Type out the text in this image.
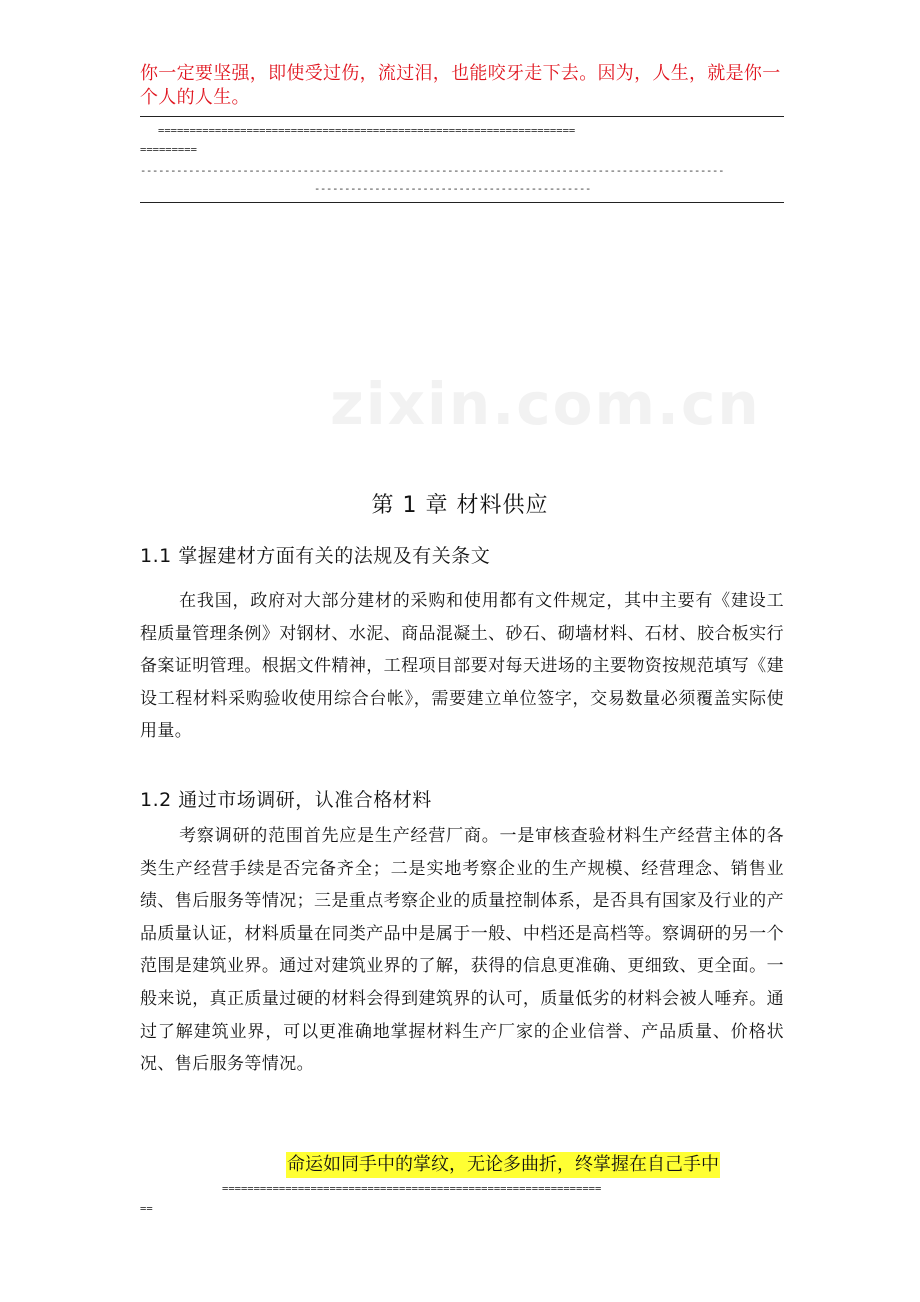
你一定要坚强，即使受过伤，流过泪，也能咬牙走下去。因为，人生，就是你一个人的人生。
==================================================================
=========
-------------------------------------------------------------------------------------------------
----------------------------------------------
zixin.com.cn
第 1 章 材料供应
1.1 掌握建材方面有关的法规及有关条文
在我国，政府对大部分建材的采购和使用都有文件规定，其中主要有《建设工程质量管理条例》对钢材、水泥、商品混凝土、砂石、砌墙材料、石材、胶合板实行备案证明管理。根据文件精神，工程项目部要对每天进场的主要物资按规范填写《建设工程材料采购验收使用综合台帐》，需要建立单位签字，交易数量必须覆盖实际使用量。
1.2 通过市场调研，认准合格材料
考察调研的范围首先应是生产经营厂商。一是审核查验材料生产经营主体的各类生产经营手续是否完备齐全；二是实地考察企业的生产规模、经营理念、销售业绩、售后服务等情况；三是重点考察企业的质量控制体系，是否具有国家及行业的产品质量认证，材料质量在同类产品中是属于一般、中档还是高档等。察调研的另一个范围是建筑业界。通过对建筑业界的了解，获得的信息更准确、更细致、更全面。一般来说，真正质量过硬的材料会得到建筑界的认可，质量低劣的材料会被人唾弃。通过了解建筑业界，可以更准确地掌握材料生产厂家的企业信誉、产品质量、价格状况、售后服务等情况。
命运如同手中的掌纹，无论多曲折，终掌握在自己手中
============================================================
==
